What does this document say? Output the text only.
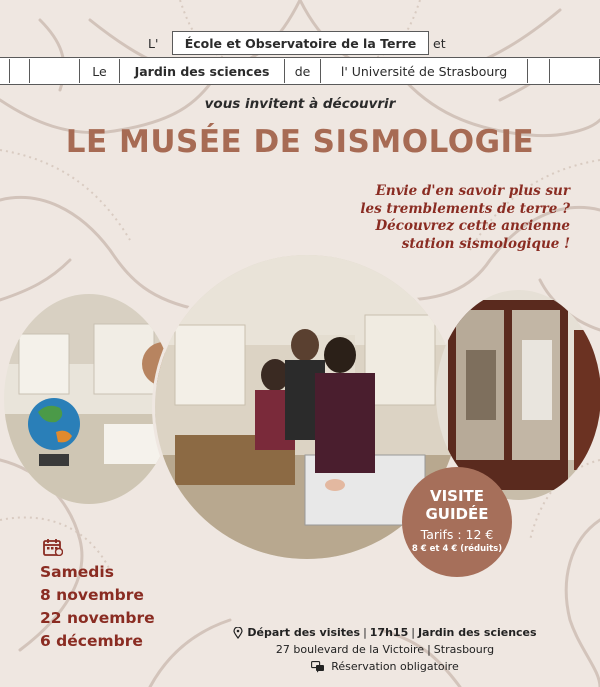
L'	École et Observatoire de la Terre	et
Le	Jardin des sciences	de	l' Université de Strasbourg
vous invitent à découvrir
LE MUSÉE DE SISMOLOGIE
Envie d'en savoir plus sur
les tremblements de terre ?
Découvrez cette ancienne
station sismologique !
VISITE
GUIDÉE
Tarifs : 12 €
8 € et 4 € (réduits)
Samedis
8 novembre
22 novembre
6 décembre	Départ des visites | 17h15 | Jardin des sciences
27 boulevard de la Victoire | Strasbourg
Réservation obligatoire
